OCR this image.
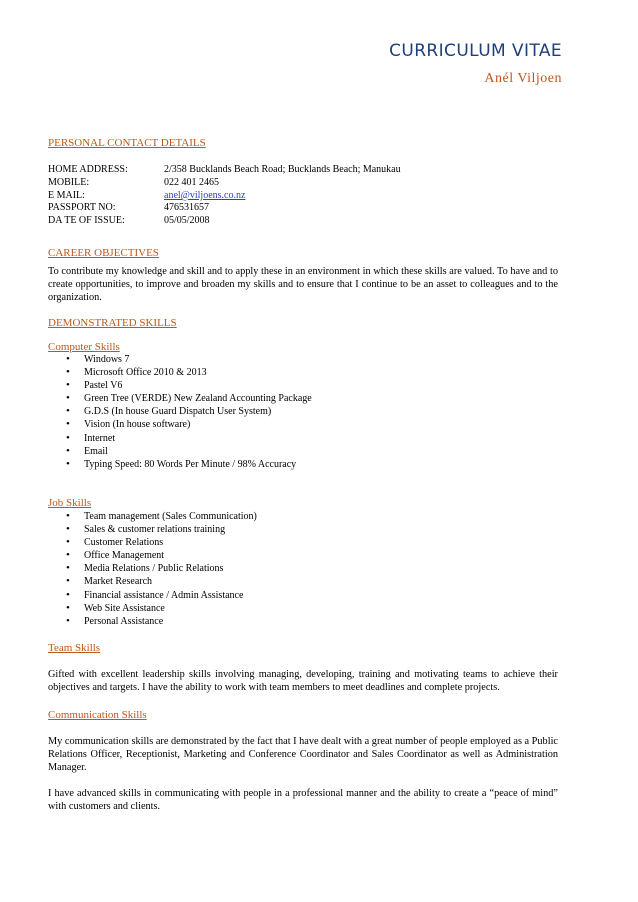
CURRICULUM VITAE
Anél Viljoen
PERSONAL CONTACT DETAILS
HOME ADDRESS:	2/358 Bucklands Beach Road; Bucklands Beach; Manukau
MOBILE:	022 401 2465
E MAIL:	anel@viljoens.co.nz
PASSPORT NO:	476531657
DA TE OF ISSUE:	05/05/2008
CAREER OBJECTIVES
To contribute my knowledge and skill and to apply these in an environment in which these skills are valued. To have and to create opportunities, to improve and broaden my skills and to ensure that I continue to be an asset to colleagues and to the organization.
DEMONSTRATED SKILLS
Computer Skills
• Windows 7
• Microsoft Office 2010 & 2013
• Pastel V6
• Green Tree (VERDE) New Zealand Accounting Package
• G.D.S (In house Guard Dispatch User System)
• Vision (In house software)
• Internet
• Email
• Typing Speed: 80 Words Per Minute / 98% Accuracy
Job Skills
• Team management (Sales Communication)
• Sales & customer relations training
• Customer Relations
• Office Management
• Media Relations / Public Relations
• Market Research
• Financial assistance / Admin Assistance
• Web Site Assistance
• Personal Assistance
Team Skills
Gifted with excellent leadership skills involving managing, developing, training and motivating teams to achieve their objectives and targets. I have the ability to work with team members to meet deadlines and complete projects.
Communication Skills
My communication skills are demonstrated by the fact that I have dealt with a great number of people employed as a Public Relations Officer, Receptionist, Marketing and Conference Coordinator and Sales Coordinator as well as Administration Manager.
I have advanced skills in communicating with people in a professional manner and the ability to create a “peace of mind” with customers and clients.
